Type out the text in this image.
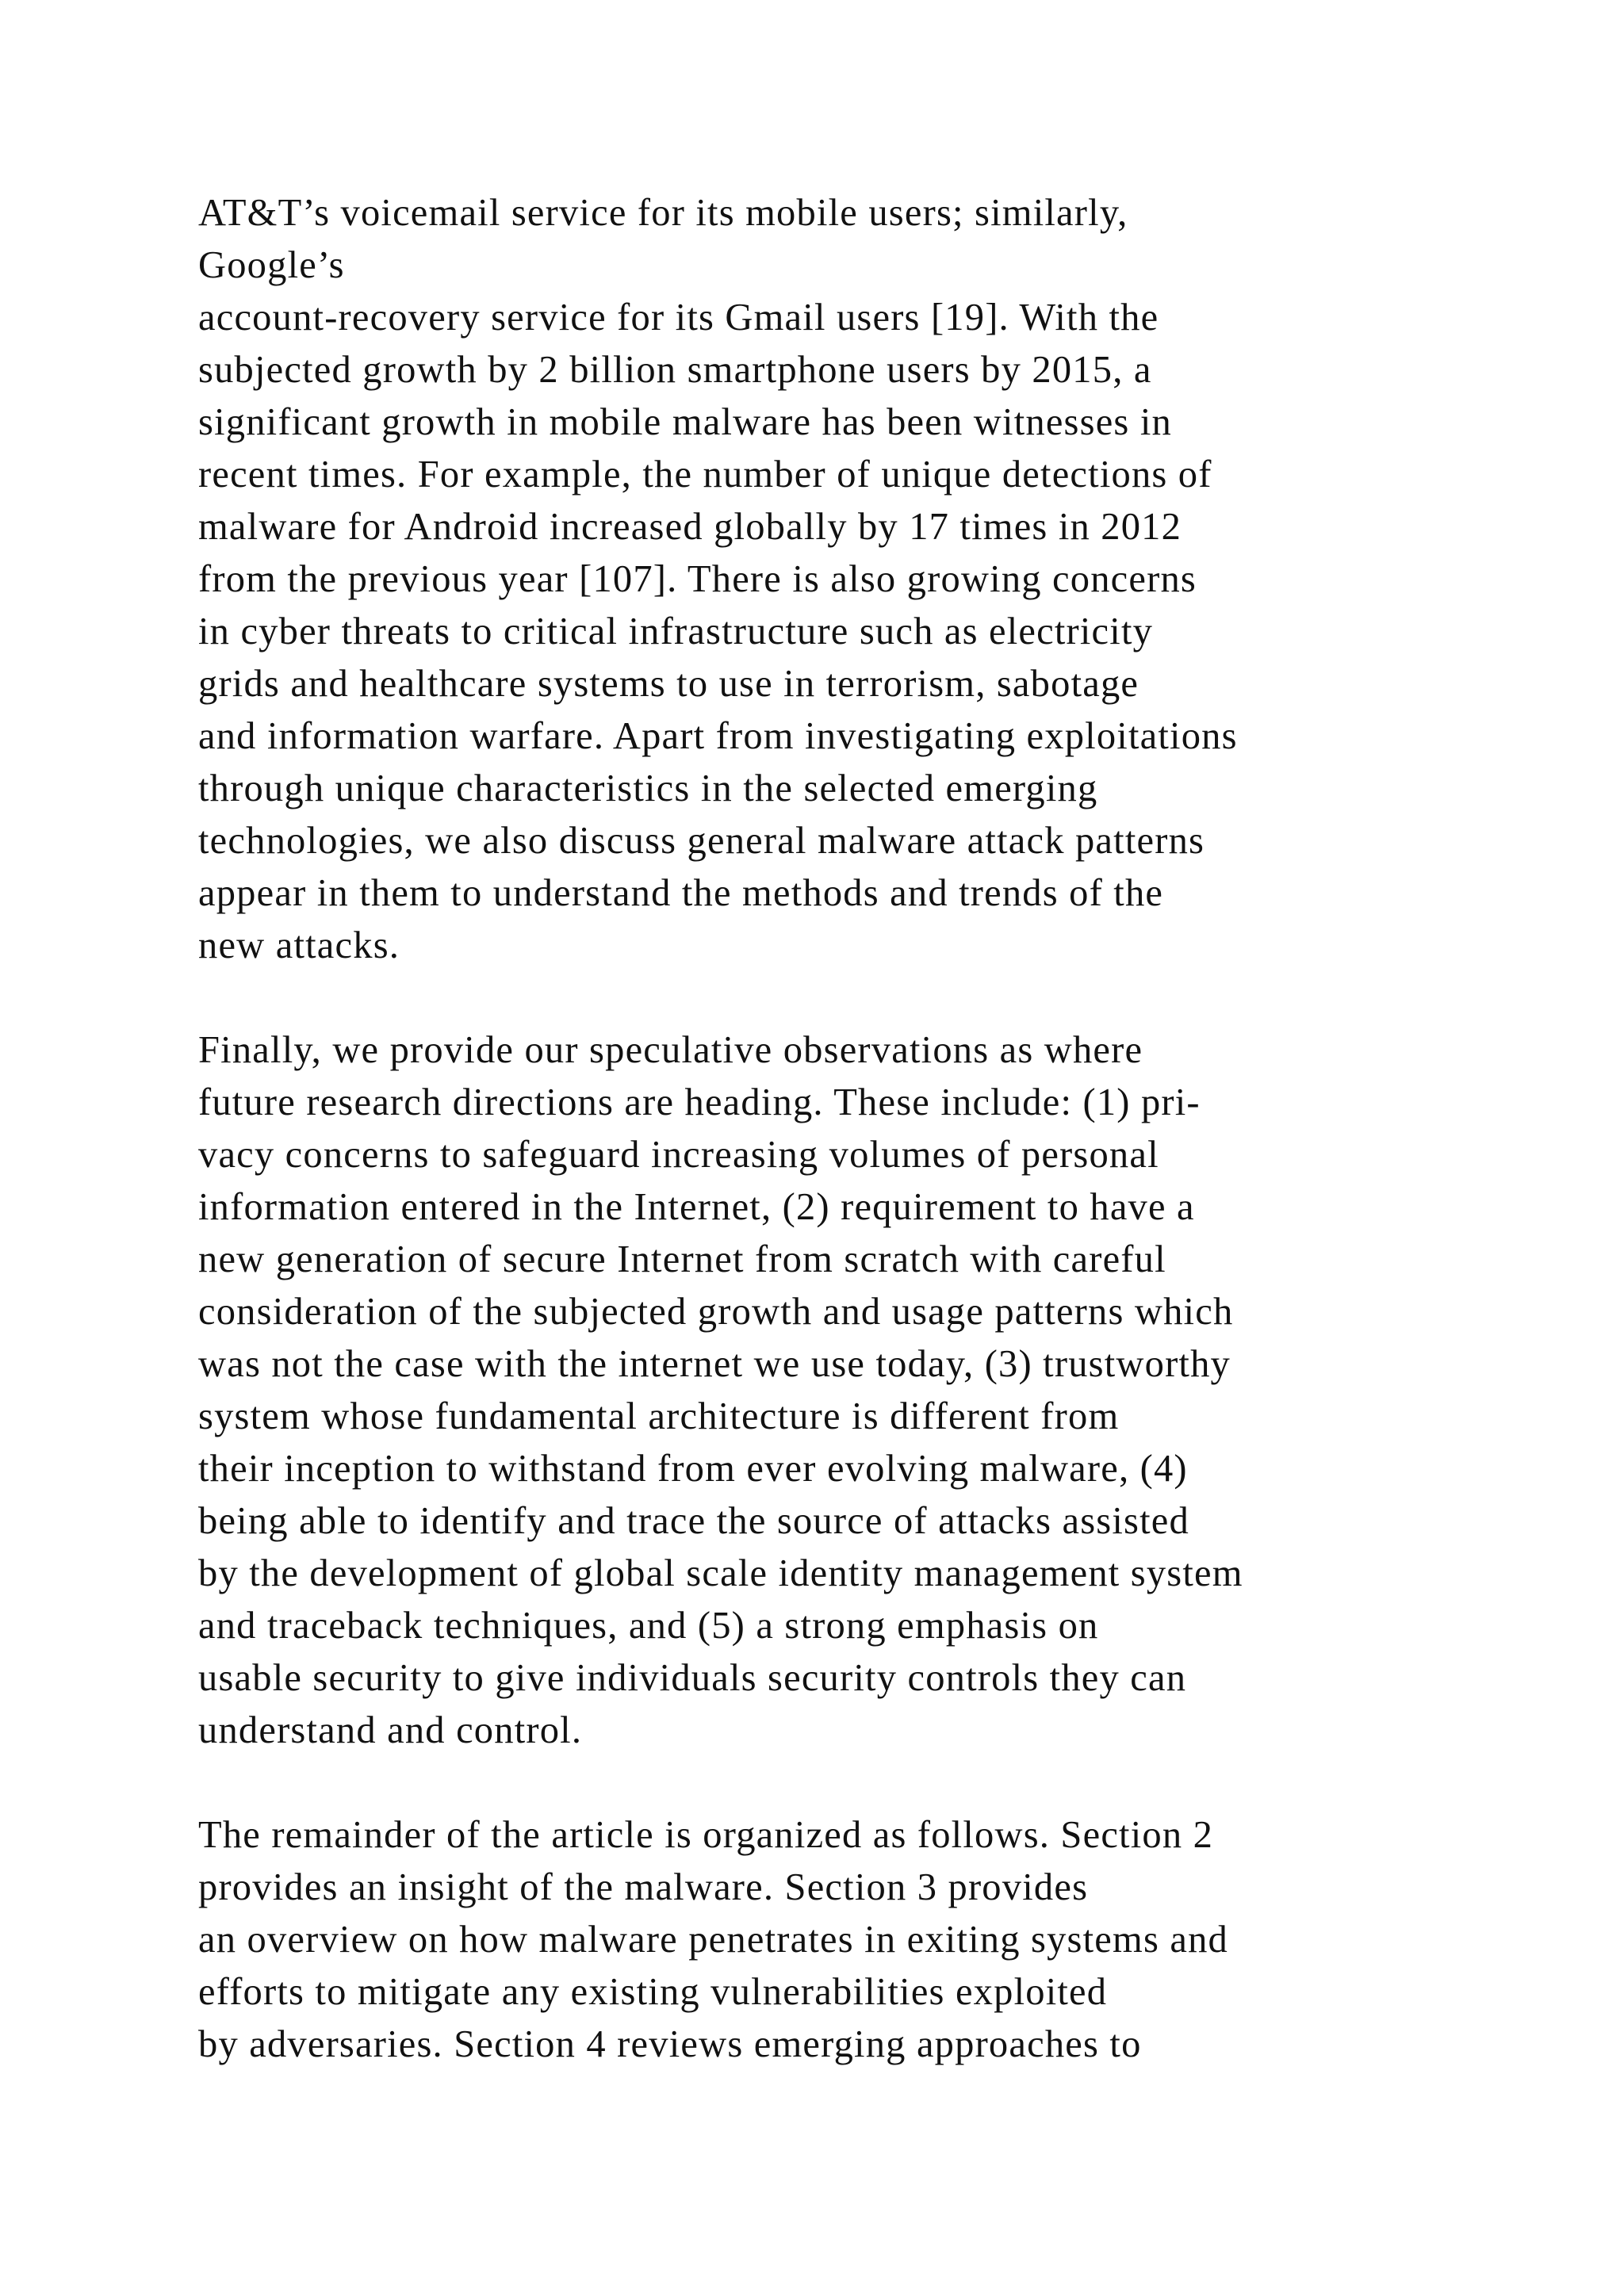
AT&T’s voicemail service for its mobile users; similarly,
Google’s
account-recovery service for its Gmail users [19]. With the
subjected growth by 2 billion smartphone users by 2015, a
significant growth in mobile malware has been witnesses in
recent times. For example, the number of unique detections of
malware for Android increased globally by 17 times in 2012
from the previous year [107]. There is also growing concerns
in cyber threats to critical infrastructure such as electricity
grids and healthcare systems to use in terrorism, sabotage
and information warfare. Apart from investigating exploitations
through unique characteristics in the selected emerging
technologies, we also discuss general malware attack patterns
appear in them to understand the methods and trends of the
new attacks.
Finally, we provide our speculative observations as where
future research directions are heading. These include: (1) pri-
vacy concerns to safeguard increasing volumes of personal
information entered in the Internet, (2) requirement to have a
new generation of secure Internet from scratch with careful
consideration of the subjected growth and usage patterns which
was not the case with the internet we use today, (3) trustworthy
system whose fundamental architecture is different from
their inception to withstand from ever evolving malware, (4)
being able to identify and trace the source of attacks assisted
by the development of global scale identity management system
and traceback techniques, and (5) a strong emphasis on
usable security to give individuals security controls they can
understand and control.
The remainder of the article is organized as follows. Section 2
provides an insight of the malware. Section 3 provides
an overview on how malware penetrates in exiting systems and
efforts to mitigate any existing vulnerabilities exploited
by adversaries. Section 4 reviews emerging approaches to
